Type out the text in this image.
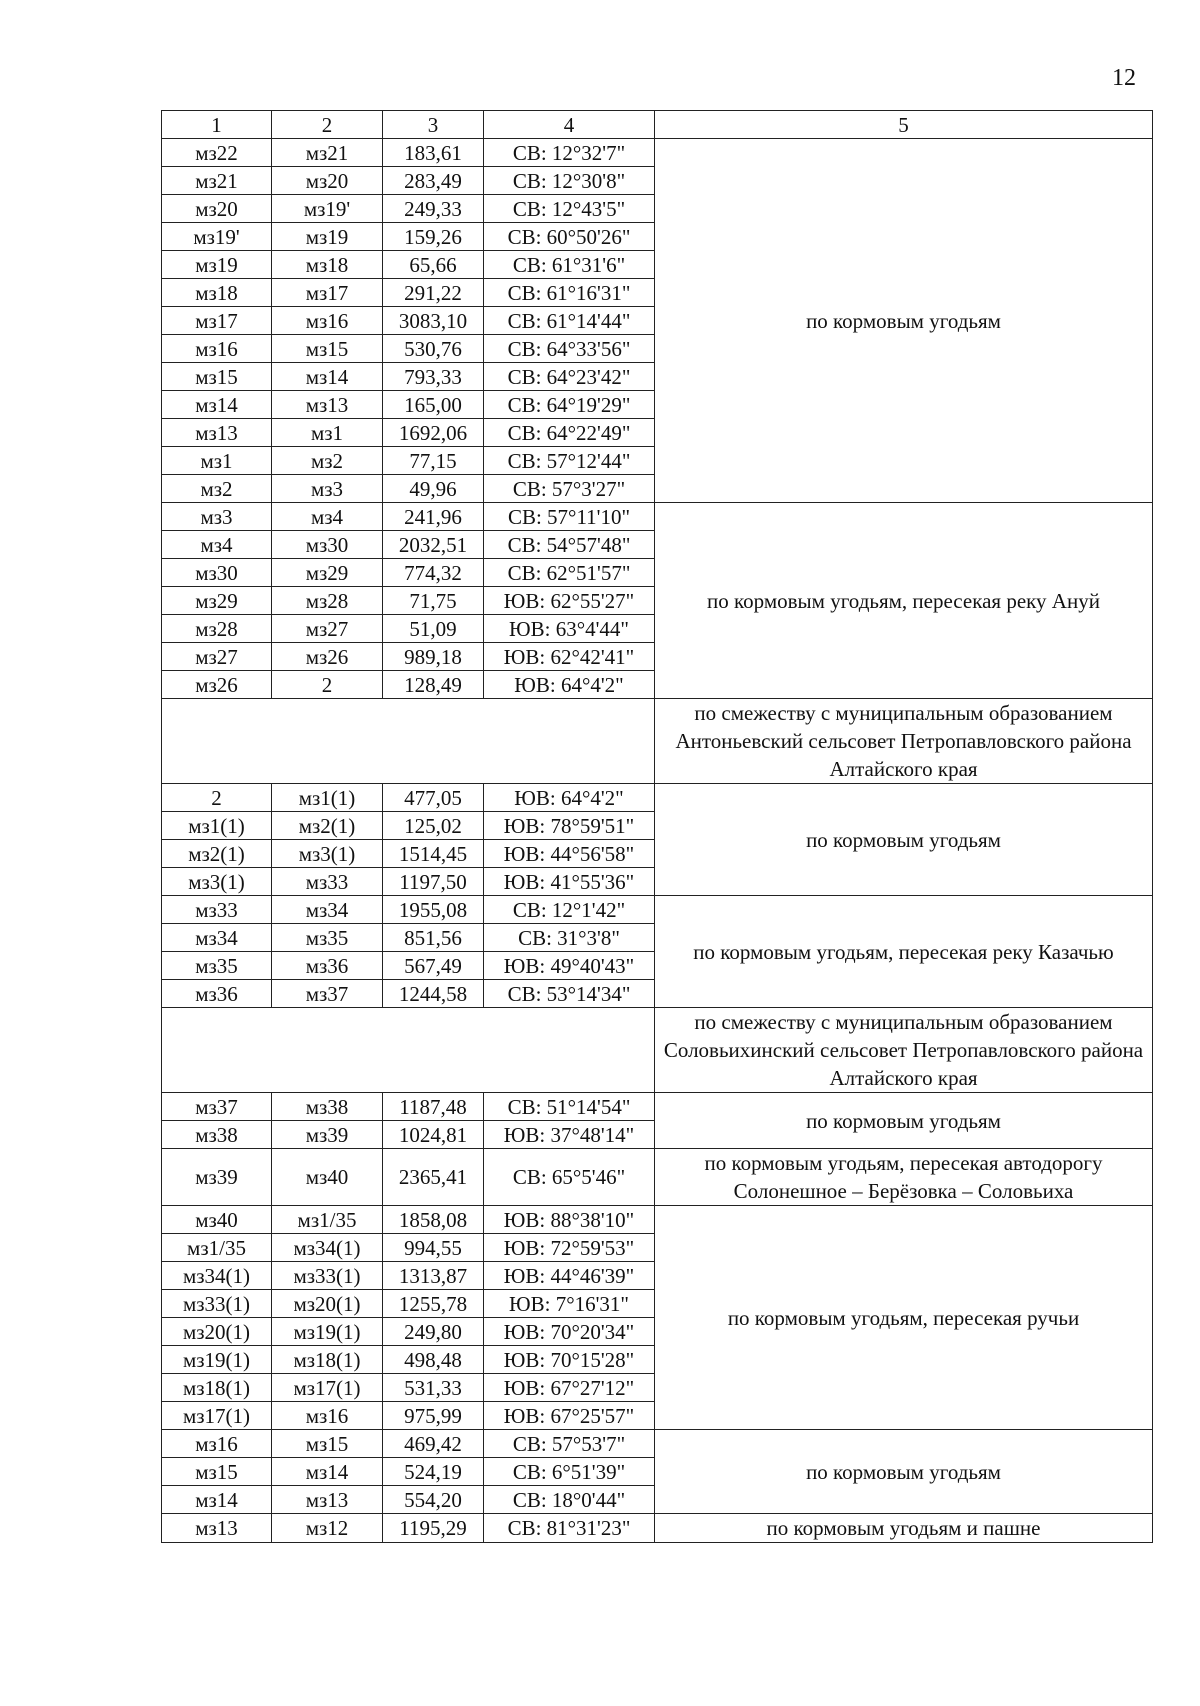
12
1	2	3	4	5
мз22	мз21	183,61	СВ: 12°32'7"	по кормовым угодьям
мз21	мз20	283,49	СВ: 12°30'8"	
мз20	мз19'	249,33	СВ: 12°43'5"	
мз19'	мз19	159,26	СВ: 60°50'26"	
мз19	мз18	65,66	СВ: 61°31'6"	
мз18	мз17	291,22	СВ: 61°16'31"	
мз17	мз16	3083,10	СВ: 61°14'44"	
мз16	мз15	530,76	СВ: 64°33'56"	
мз15	мз14	793,33	СВ: 64°23'42"	
мз14	мз13	165,00	СВ: 64°19'29"	
мз13	мз1	1692,06	СВ: 64°22'49"	
мз1	мз2	77,15	СВ: 57°12'44"	
мз2	мз3	49,96	СВ: 57°3'27"	
мз3	мз4	241,96	СВ: 57°11'10"	по кормовым угодьям, пересекая реку Ануй
мз4	мз30	2032,51	СВ: 54°57'48"	
мз30	мз29	774,32	СВ: 62°51'57"	
мз29	мз28	71,75	ЮВ: 62°55'27"	
мз28	мз27	51,09	ЮВ: 63°4'44"	
мз27	мз26	989,18	ЮВ: 62°42'41"	
мз26	2	128,49	ЮВ: 64°4'2"	
				по смежеству с муниципальным образованием Антоньевский сельсовет Петропавловского района Алтайского края
2	мз1(1)	477,05	ЮВ: 64°4'2"	по кормовым угодьям
мз1(1)	мз2(1)	125,02	ЮВ: 78°59'51"	
мз2(1)	мз3(1)	1514,45	ЮВ: 44°56'58"	
мз3(1)	мз33	1197,50	ЮВ: 41°55'36"	
мз33	мз34	1955,08	СВ: 12°1'42"	по кормовым угодьям, пересекая реку Казачью
мз34	мз35	851,56	СВ: 31°3'8"	
мз35	мз36	567,49	ЮВ: 49°40'43"	
мз36	мз37	1244,58	СВ: 53°14'34"	
				по смежеству с муниципальным образованием Соловьихинский сельсовет Петропавловского района Алтайского края
мз37	мз38	1187,48	СВ: 51°14'54"	по кормовым угодьям
мз38	мз39	1024,81	ЮВ: 37°48'14"	
мз39	мз40	2365,41	СВ: 65°5'46"	по кормовым угодьям, пересекая автодорогу Солонешное – Берёзовка – Соловьиха
мз40	мз1/35	1858,08	ЮВ: 88°38'10"	по кормовым угодьям, пересекая ручьи
мз1/35	мз34(1)	994,55	ЮВ: 72°59'53"	
мз34(1)	мз33(1)	1313,87	ЮВ: 44°46'39"	
мз33(1)	мз20(1)	1255,78	ЮВ: 7°16'31"	
мз20(1)	мз19(1)	249,80	ЮВ: 70°20'34"	
мз19(1)	мз18(1)	498,48	ЮВ: 70°15'28"	
мз18(1)	мз17(1)	531,33	ЮВ: 67°27'12"	
мз17(1)	мз16	975,99	ЮВ: 67°25'57"	
мз16	мз15	469,42	СВ: 57°53'7"	по кормовым угодьям
мз15	мз14	524,19	СВ: 6°51'39"	
мз14	мз13	554,20	СВ: 18°0'44"	
мз13	мз12	1195,29	СВ: 81°31'23"	по кормовым угодьям и пашне
